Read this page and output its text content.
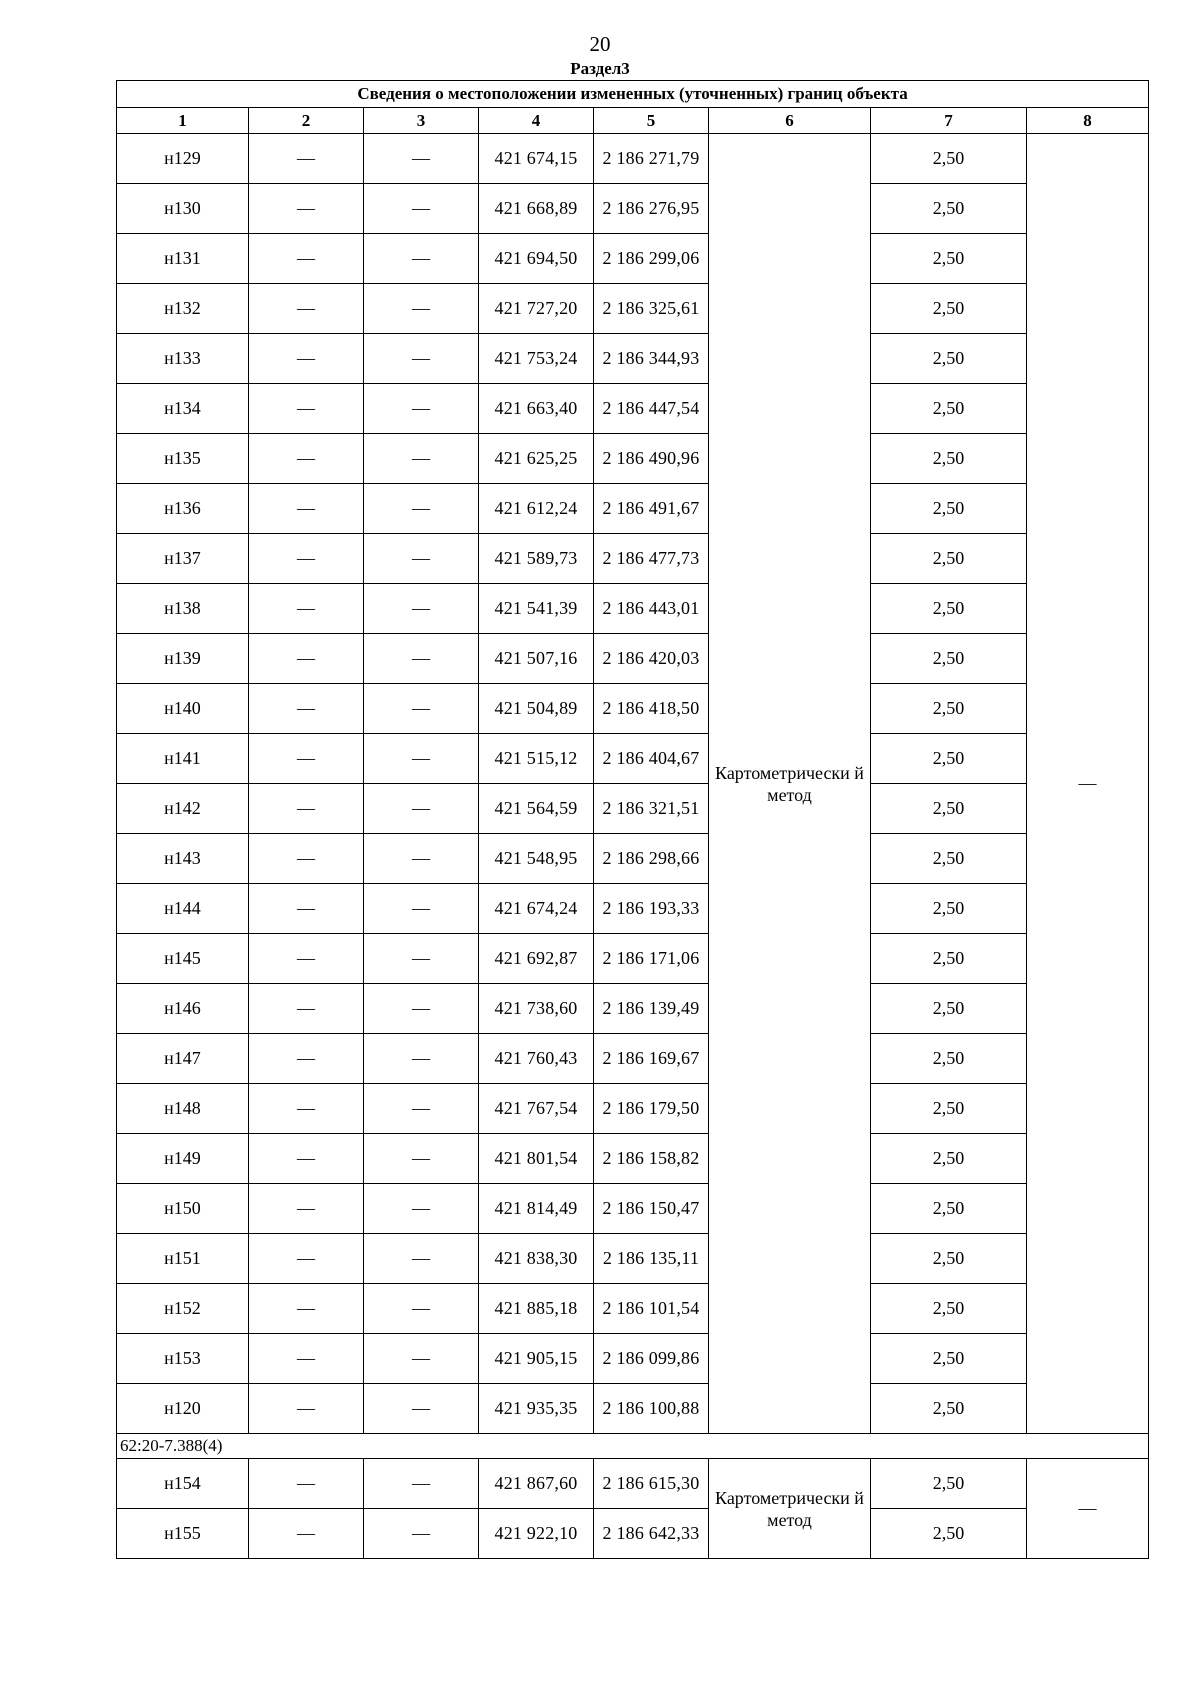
20
Раздел3
Сведения о местоположении измененных (уточненных) границ объекта							
1	2	3	4	5	6	7	8
н129	—	—	421 674,15	2 186 271,79	Картометрически й метод	2,50	—
н130	—	—	421 668,89	2 186 276,95		2,50	
н131	—	—	421 694,50	2 186 299,06		2,50	
н132	—	—	421 727,20	2 186 325,61		2,50	
н133	—	—	421 753,24	2 186 344,93		2,50	
н134	—	—	421 663,40	2 186 447,54		2,50	
н135	—	—	421 625,25	2 186 490,96		2,50	
н136	—	—	421 612,24	2 186 491,67		2,50	
н137	—	—	421 589,73	2 186 477,73		2,50	
н138	—	—	421 541,39	2 186 443,01		2,50	
н139	—	—	421 507,16	2 186 420,03		2,50	
н140	—	—	421 504,89	2 186 418,50		2,50	
н141	—	—	421 515,12	2 186 404,67		2,50	
н142	—	—	421 564,59	2 186 321,51		2,50	
н143	—	—	421 548,95	2 186 298,66		2,50	
н144	—	—	421 674,24	2 186 193,33		2,50	
н145	—	—	421 692,87	2 186 171,06		2,50	
н146	—	—	421 738,60	2 186 139,49		2,50	
н147	—	—	421 760,43	2 186 169,67		2,50	
н148	—	—	421 767,54	2 186 179,50		2,50	
н149	—	—	421 801,54	2 186 158,82		2,50	
н150	—	—	421 814,49	2 186 150,47		2,50	
н151	—	—	421 838,30	2 186 135,11		2,50	
н152	—	—	421 885,18	2 186 101,54		2,50	
н153	—	—	421 905,15	2 186 099,86		2,50	
н120	—	—	421 935,35	2 186 100,88		2,50	
62:20-7.388(4)							
н154	—	—	421 867,60	2 186 615,30	Картометрически й метод	2,50	—
н155	—	—	421 922,10	2 186 642,33		2,50	
